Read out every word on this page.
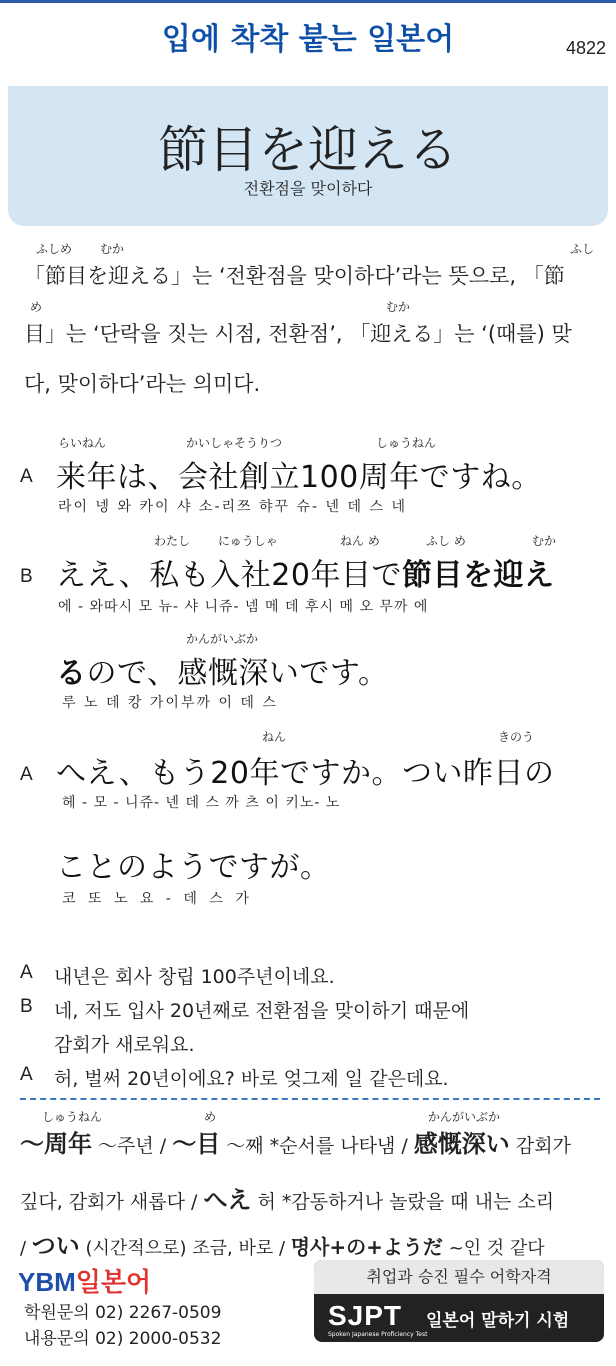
입에 착착 붙는 일본어	4822
節目を迎える
전환점을 맞이하다
ふしめ むか	ふし
「節目を迎える」는 ‘전환점을 맞이하다’라는 뜻으로, 「節
め	むか
目」는 ‘단락을 짓는 시점, 전환점’, 「迎える」는 ‘(때를) 맞
다, 맞이하다’라는 의미다.
らいねん	かいしゃそうりつ	しゅうねん
A 来年は、会社創立100周年ですね。
라이 넹 와 카이 샤 소-리쯔 햐꾸 슈- 넨 데 스 네
わたし にゅうしゃ	ねん め	ふし め	むか
B ええ、私も入社20年目で節目を迎え
에 - 와따시 모 뉴- 샤 니쥬- 넴 메 데 후시 메 오 무까 에
かんがいぶか
るので、感慨深いです。
루 노 데 캉 가이부까 이 데 스
ねん	きのう
A へえ、もう20年ですか。つい昨日の
헤 - 모 - 니쥬- 넨 데 스 까 츠 이 키노- 노
ことのようですが。
코 또 노 요 - 데 스 가
A 내년은 회사 창립 100주년이네요.
B 네, 저도 입사 20년째로 전환점을 맞이하기 때문에
감회가 새로워요.
A 허, 벌써 20년이에요? 바로 엊그제 일 같은데요.
しゅうねん	め	かんがいぶか
〜周年 〜주년 / 〜目 〜째 *순서를 나타냄 / 感慨深い 감회가
깊다, 감회가 새롭다 / へえ 허 *감동하거나 놀랐을 때 내는 소리
/ つい (시간적으로) 조금, 바로 / 명사+の+ようだ ~인 것 같다
YBM일본어
학원문의 02) 2267-0509
내용문의 02) 2000-0532
취업과 승진 필수 어학자격
SJPT
Spoken Japanese Proficiency Test
일본어 말하기 시험
